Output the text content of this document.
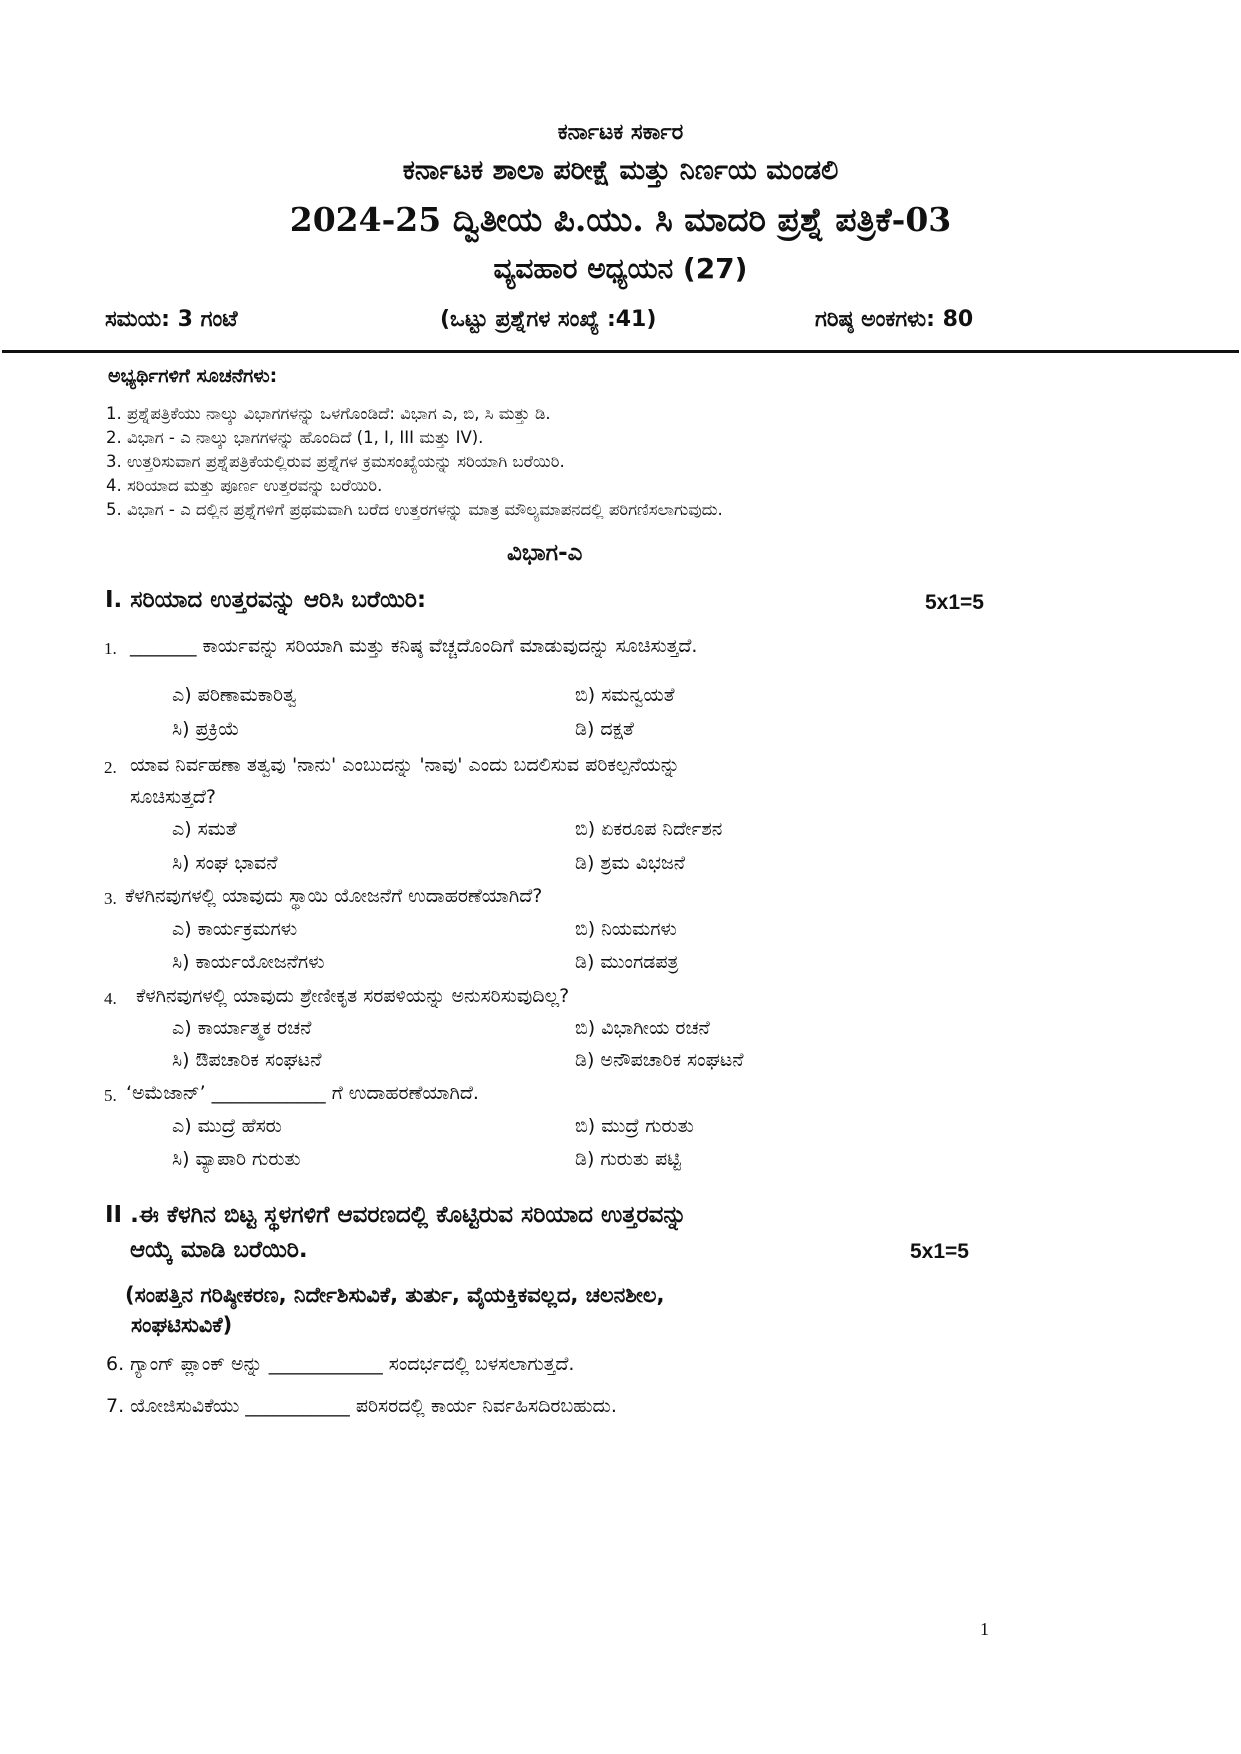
ಕರ್ನಾಟಕ ಸರ್ಕಾರ
ಕರ್ನಾಟಕ ಶಾಲಾ ಪರೀಕ್ಷೆ ಮತ್ತು ನಿರ್ಣಯ ಮಂಡಲಿ
2024-25 ದ್ವಿತೀಯ ಪಿ.ಯು. ಸಿ ಮಾದರಿ ಪ್ರಶ್ನೆ ಪತ್ರಿಕೆ-03
ವ್ಯವಹಾರ ಅಧ್ಯಯನ (27)
ಸಮಯ: 3 ಗಂಟೆ	(ಒಟ್ಟು ಪ್ರಶ್ನೆಗಳ ಸಂಖ್ಯೆ :41)	ಗರಿಷ್ಠ ಅಂಕಗಳು: 80
ಅಭ್ಯರ್ಥಿಗಳಿಗೆ ಸೂಚನೆಗಳು:
1. ಪ್ರಶ್ನೆಪತ್ರಿಕೆಯು ನಾಲ್ಕು ವಿಭಾಗಗಳನ್ನು ಒಳಗೊಂಡಿದೆ: ವಿಭಾಗ ಎ, ಬಿ, ಸಿ ಮತ್ತು ಡಿ.
2. ವಿಭಾಗ - ಎ ನಾಲ್ಕು ಭಾಗಗಳನ್ನು ಹೊಂದಿದೆ (1, I, III ಮತ್ತು IV).
3. ಉತ್ತರಿಸುವಾಗ ಪ್ರಶ್ನೆಪತ್ರಿಕೆಯಲ್ಲಿರುವ ಪ್ರಶ್ನೆಗಳ ಕ್ರಮಸಂಖ್ಯೆಯನ್ನು ಸರಿಯಾಗಿ ಬರೆಯಿರಿ.
4. ಸರಿಯಾದ ಮತ್ತು ಪೂರ್ಣ ಉತ್ತರವನ್ನು ಬರೆಯಿರಿ.
5. ವಿಭಾಗ - ಎ ದಲ್ಲಿನ ಪ್ರಶ್ನೆಗಳಿಗೆ ಪ್ರಥಮವಾಗಿ ಬರೆದ ಉತ್ತರಗಳನ್ನು ಮಾತ್ರ ಮೌಲ್ಯಮಾಪನದಲ್ಲಿ ಪರಿಗಣಿಸಲಾಗುವುದು.
ವಿಭಾಗ-ಎ
I. ಸರಿಯಾದ ಉತ್ತರವನ್ನು ಆರಿಸಿ ಬರೆಯಿರಿ:	5x1=5
1. _______ ಕಾರ್ಯವನ್ನು ಸರಿಯಾಗಿ ಮತ್ತು ಕನಿಷ್ಠ ವೆಚ್ಚದೊಂದಿಗೆ ಮಾಡುವುದನ್ನು ಸೂಚಿಸುತ್ತದೆ.
ಎ) ಪರಿಣಾಮಕಾರಿತ್ವ	ಬಿ) ಸಮನ್ವಯತೆ
ಸಿ) ಪ್ರಕ್ರಿಯೆ	ಡಿ) ದಕ್ಷತೆ
2. ಯಾವ ನಿರ್ವಹಣಾ ತತ್ವವು 'ನಾನು' ಎಂಬುದನ್ನು 'ನಾವು' ಎಂದು ಬದಲಿಸುವ ಪರಿಕಲ್ಪನೆಯನ್ನು
ಸೂಚಿಸುತ್ತದೆ?
ಎ) ಸಮತೆ	ಬಿ) ಏಕರೂಪ ನಿರ್ದೇಶನ
ಸಿ) ಸಂಘ ಭಾವನೆ	ಡಿ) ಶ್ರಮ ವಿಭಜನೆ
3. ಕೆಳಗಿನವುಗಳಲ್ಲಿ ಯಾವುದು ಸ್ಥಾಯಿ ಯೋಜನೆಗೆ ಉದಾಹರಣೆಯಾಗಿದೆ?
ಎ) ಕಾರ್ಯಕ್ರಮಗಳು	ಬಿ) ನಿಯಮಗಳು
ಸಿ) ಕಾರ್ಯಯೋಜನೆಗಳು	ಡಿ) ಮುಂಗಡಪತ್ರ
4. ಕೆಳಗಿನವುಗಳಲ್ಲಿ ಯಾವುದು ಶ್ರೇಣೀಕೃತ ಸರಪಳಿಯನ್ನು ಅನುಸರಿಸುವುದಿಲ್ಲ?
ಎ) ಕಾರ್ಯಾತ್ಮಕ ರಚನೆ	ಬಿ) ವಿಭಾಗೀಯ ರಚನೆ
ಸಿ) ಔಪಚಾರಿಕ ಸಂಘಟನೆ	ಡಿ) ಅನೌಪಚಾರಿಕ ಸಂಘಟನೆ
5. ‘ಅಮೆಜಾನ್’ ____________ ಗೆ ಉದಾಹರಣೆಯಾಗಿದೆ.
ಎ) ಮುದ್ರೆ ಹೆಸರು	ಬಿ) ಮುದ್ರೆ ಗುರುತು
ಸಿ) ವ್ಯಾಪಾರಿ ಗುರುತು	ಡಿ) ಗುರುತು ಪಟ್ಟಿ
II .ಈ ಕೆಳಗಿನ ಬಿಟ್ಟ ಸ್ಥಳಗಳಿಗೆ ಆವರಣದಲ್ಲಿ ಕೊಟ್ಟಿರುವ ಸರಿಯಾದ ಉತ್ತರವನ್ನು
ಆಯ್ಕೆ ಮಾಡಿ ಬರೆಯಿರಿ.	5x1=5
(ಸಂಪತ್ತಿನ ಗರಿಷ್ಠೀಕರಣ, ನಿರ್ದೇಶಿಸುವಿಕೆ, ತುರ್ತು, ವೈಯಕ್ತಿಕವಲ್ಲದ, ಚಲನಶೀಲ,
ಸಂಘಟಿಸುವಿಕೆ)
6. ಗ್ಯಾಂಗ್ ಪ್ಲಾಂಕ್ ಅನ್ನು ____________ ಸಂದರ್ಭದಲ್ಲಿ ಬಳಸಲಾಗುತ್ತದೆ.
7. ಯೋಜಿಸುವಿಕೆಯು ___________ ಪರಿಸರದಲ್ಲಿ ಕಾರ್ಯ ನಿರ್ವಹಿಸದಿರಬಹುದು.
1
